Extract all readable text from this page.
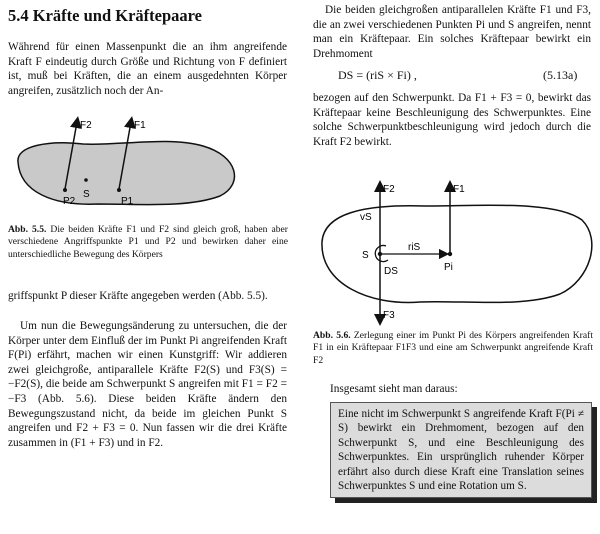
5.4 Kräfte und Kräftepaare
Während für einen Massenpunkt die an ihm angreifende Kraft F eindeutig durch Größe und Richtung von F definiert ist, muß bei Kräften, die an einem ausgedehnten Körper angreifen, zusätzlich noch der An-
F2	F1
P2
S
P1
Abb. 5.5. Die beiden Kräfte F1 und F2 sind gleich groß, haben aber verschiedene Angriffspunkte P1 und P2 und bewirken daher eine unterschiedliche Bewegung des Körpers
griffspunkt P dieser Kräfte angegeben werden (Abb. 5.5).
Um nun die Bewegungsänderung zu untersuchen, die der Körper unter dem Einfluß der im Punkt Pi angreifenden Kraft F(Pi) erfährt, machen wir einen Kunstgriff: Wir addieren zwei gleichgroße, antiparallele Kräfte F2(S) und F3(S) = −F2(S), die beide am Schwerpunkt S angreifen mit F1 = F2 = −F3 (Abb. 5.6). Diese beiden Kräfte ändern den Bewegungszustand nicht, da beide im gleichen Punkt S angreifen und F2 + F3 = 0. Nun fassen wir die drei Kräfte zusammen in (F1 + F3) und in F2.
Die beiden gleichgroßen antiparallelen Kräfte F1 und F3, die an zwei verschiedenen Punkten Pi und S angreifen, nennt man ein Kräftepaar. Ein solches Kräftepaar bewirkt ein Drehmoment
DS = (riS × Fi) ,	(5.13a)
bezogen auf den Schwerpunkt. Da F1 + F3 = 0, bewirkt das Kräftepaar keine Beschleunigung des Schwerpunktes. Eine solche Schwerpunktbeschleunigung wird jedoch durch die Kraft F2 bewirkt.
F2	F1
vS
S
riS
DS	Pi
F3
Abb. 5.6. Zerlegung einer im Punkt Pi des Körpers angreifenden Kraft F1 in ein Kräftepaar F1F3 und eine am Schwerpunkt angreifende Kraft F2
Insgesamt sieht man daraus:
Eine nicht im Schwerpunkt S angreifende Kraft F(Pi ≠ S) bewirkt ein Drehmoment, bezogen auf den Schwerpunkt S, und eine Beschleunigung des Schwerpunktes. Ein ursprünglich ruhender Körper erfährt also durch diese Kraft eine Translation seines Schwerpunktes S und eine Rotation um S.
